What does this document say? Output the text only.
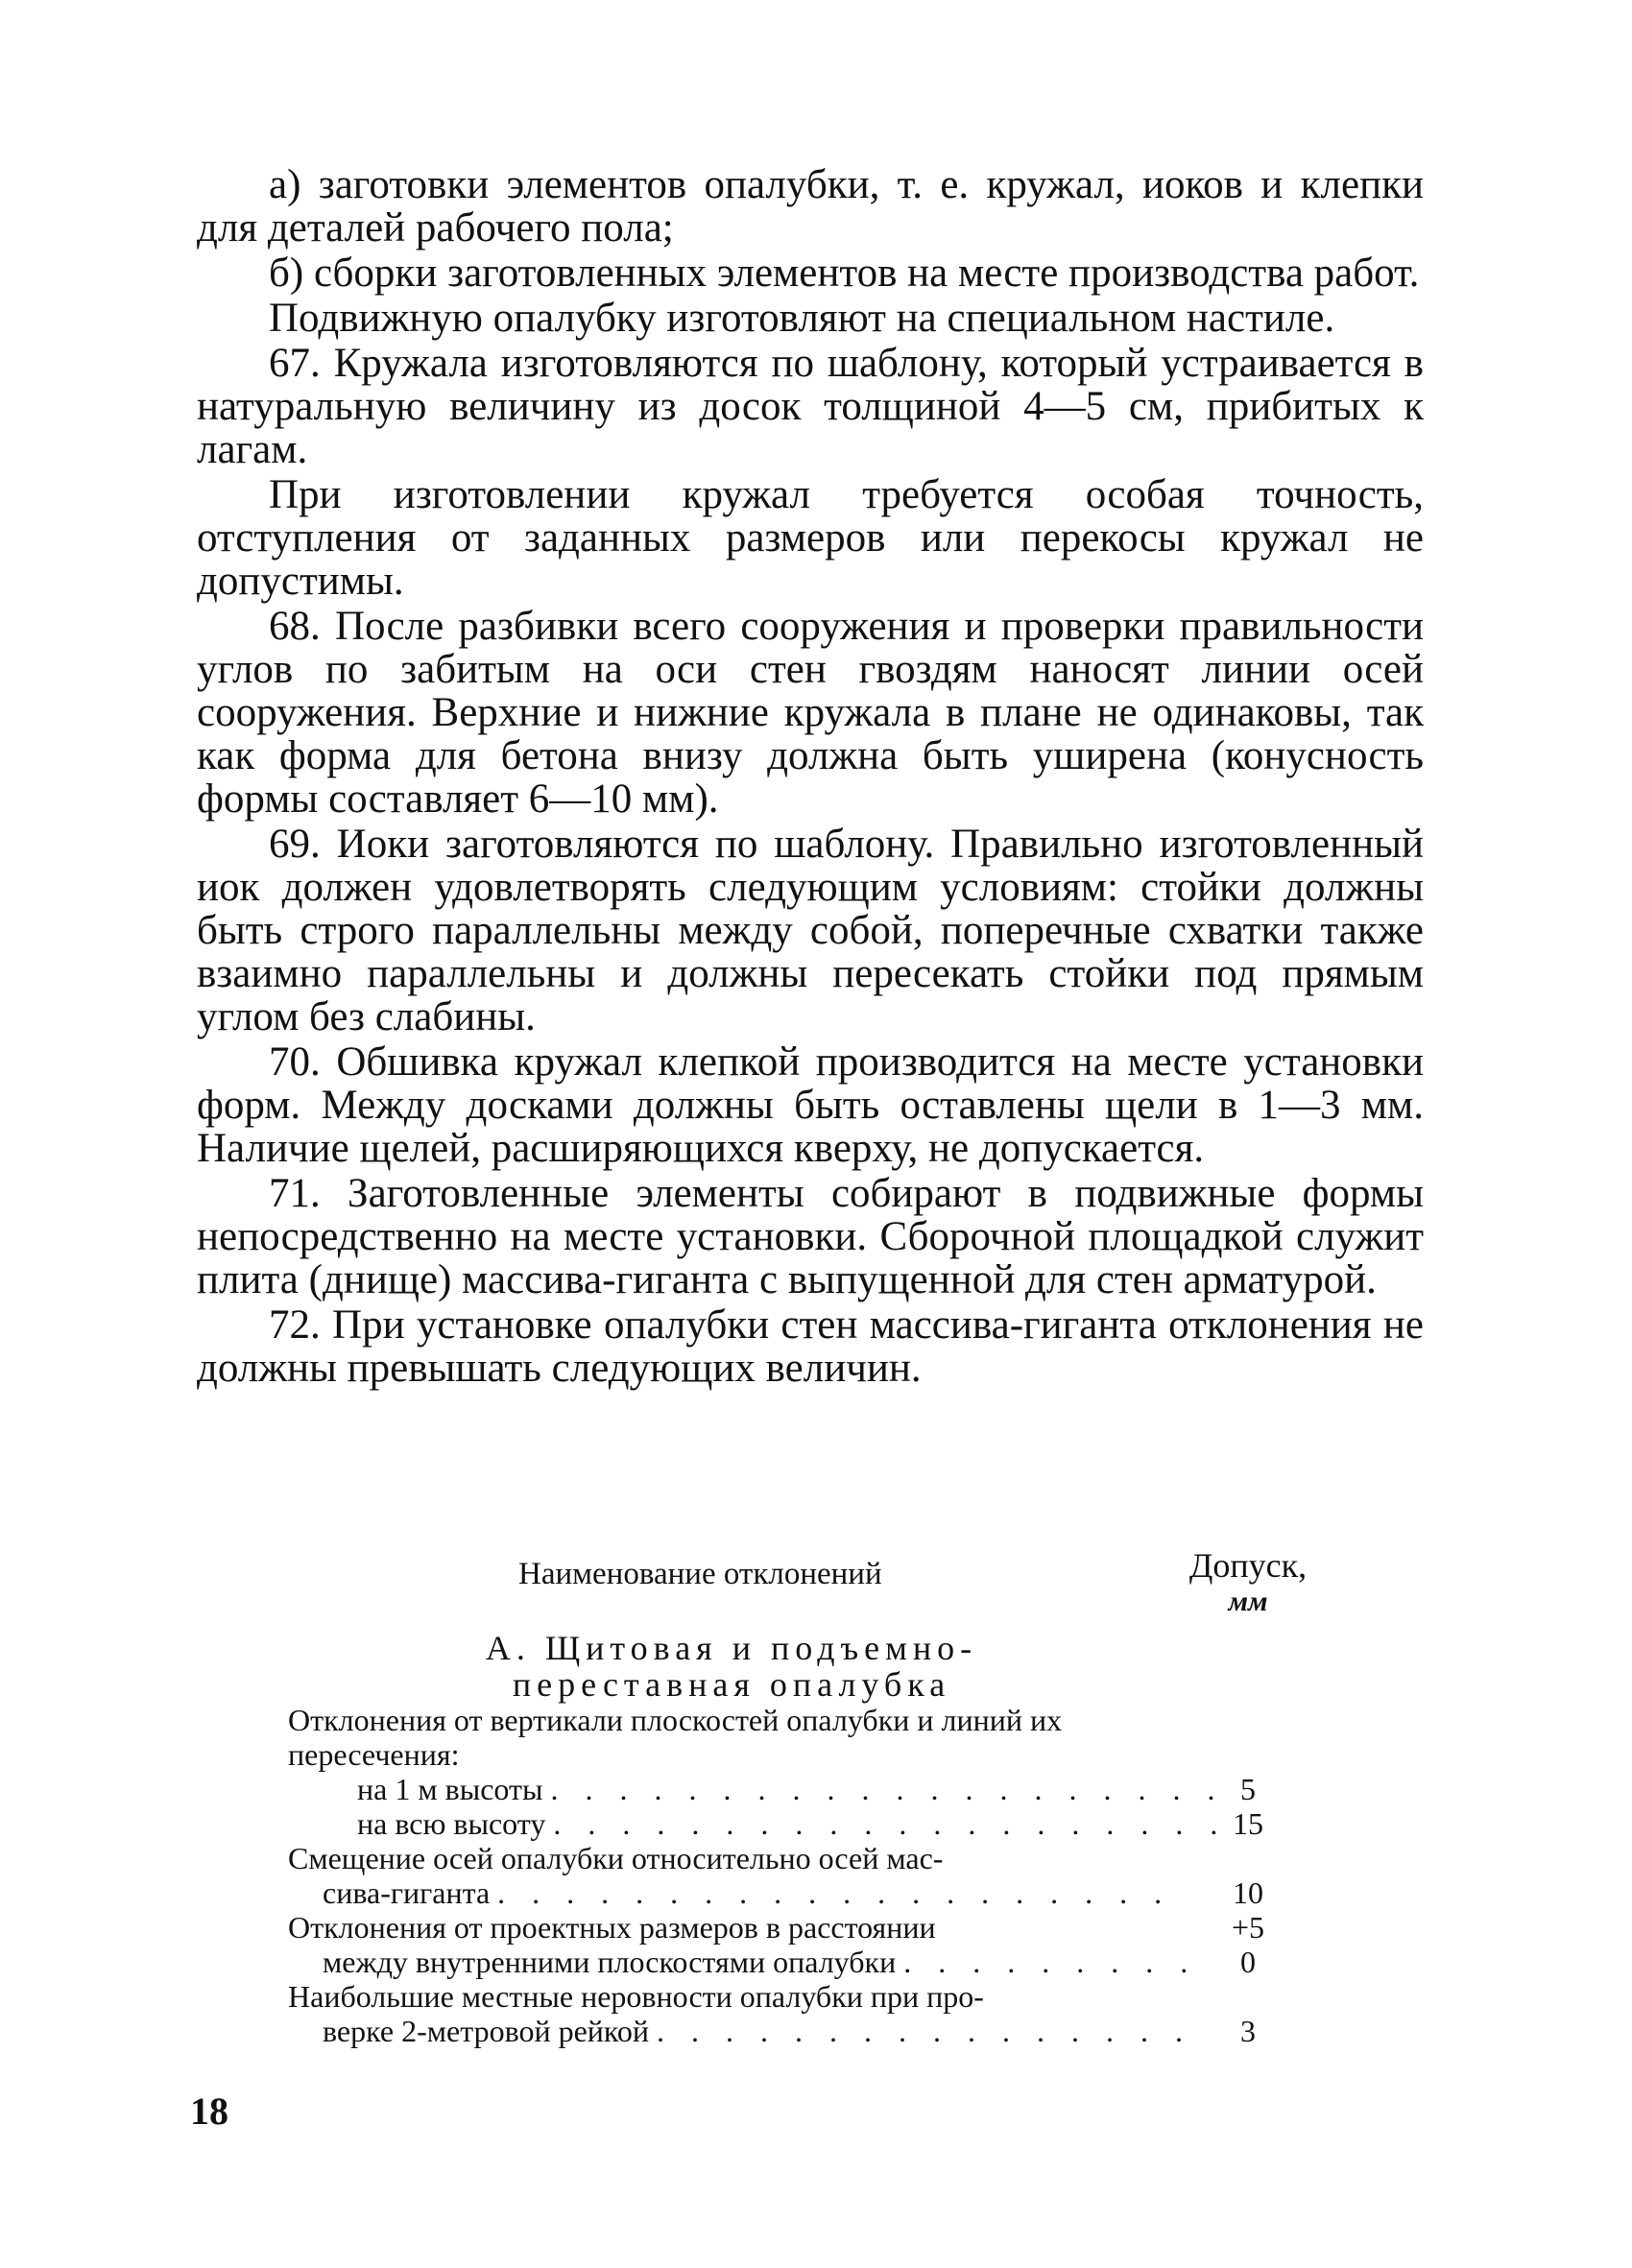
а) заготовки элементов опалубки, т. е. кружал, иоков и клепки для деталей рабочего пола;

б) сборки заготовленных элементов на месте производства работ.

Подвижную опалубку изготовляют на специальном настиле.

67. Кружала изготовляются по шаблону, который устраивается в натуральную величину из досок толщиной 4—5 см, прибитых к лагам.

При изготовлении кружал требуется особая точность, отступления от заданных размеров или перекосы кружал не допустимы.

68. После разбивки всего сооружения и проверки правильности углов по забитым на оси стен гвоздям наносят линии осей сооружения. Верхние и нижние кружала в плане не одинаковы, так как форма для бетона внизу должна быть уширена (конусность формы составляет 6—10 мм).

69. Иоки заготовляются по шаблону. Правильно изготовленный иок должен удовлетворять следующим условиям: стойки должны быть строго параллельны между собой, поперечные схватки также взаимно параллельны и должны пересекать стойки под прямым углом без слабины.

70. Обшивка кружал клепкой производится на месте установки форм. Между досками должны быть оставлены щели в 1—3 мм. Наличие щелей, расширяющихся кверху, не допускается.

71. Заготовленные элементы собирают в подвижные формы непосредственно на месте установки. Сборочной площадкой служит плита (днище) массива-гиганта с выпущенной для стен арматурой.

72. При установке опалубки стен массива-гиганта отклонения не должны превышать следующих величин.

Наименование отклонений	Допуск,
мм
А. Щитовая и подъемно-
переставная опалубка
Отклонения от вертикали плоскостей опалубки и линий их пересечения:
на 1 м высоты . . .	5
на всю высоту . . .	15
Смещение осей опалубки относительно осей мас-
сива-гиганта . . .	10
Отклонения от проектных размеров в расстоянии	+5
между внутренними плоскостями опалубки . . .	0
Наибольшие местные неровности опалубки при про-
верке 2-метровой рейкой . . .	3
18
